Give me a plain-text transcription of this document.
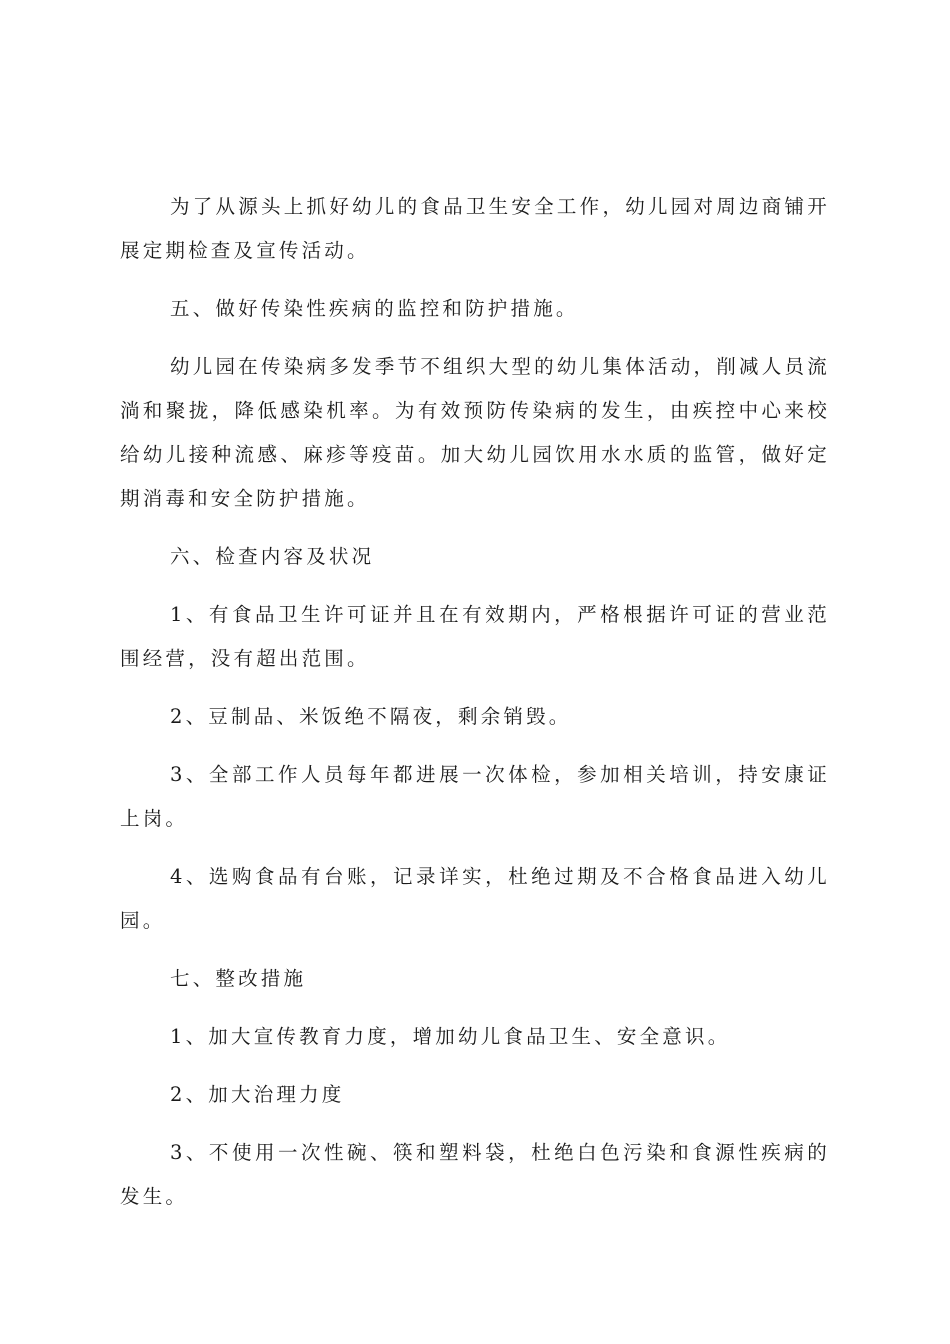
为了从源头上抓好幼儿的食品卫生安全工作，幼儿园对周边商铺开展定期检查及宣传活动。

五、做好传染性疾病的监控和防护措施。

幼儿园在传染病多发季节不组织大型的幼儿集体活动，削减人员流淌和聚拢，降低感染机率。为有效预防传染病的发生，由疾控中心来校给幼儿接种流感、麻疹等疫苗。加大幼儿园饮用水水质的监管，做好定期消毒和安全防护措施。

六、检查内容及状况

1、有食品卫生许可证并且在有效期内，严格根据许可证的营业范围经营，没有超出范围。

2、豆制品、米饭绝不隔夜，剩余销毁。

3、全部工作人员每年都进展一次体检，参加相关培训，持安康证上岗。

4、选购食品有台账，记录详实，杜绝过期及不合格食品进入幼儿园。

七、整改措施

1、加大宣传教育力度，增加幼儿食品卫生、安全意识。

2、加大治理力度

3、不使用一次性碗、筷和塑料袋，杜绝白色污染和食源性疾病的发生。
